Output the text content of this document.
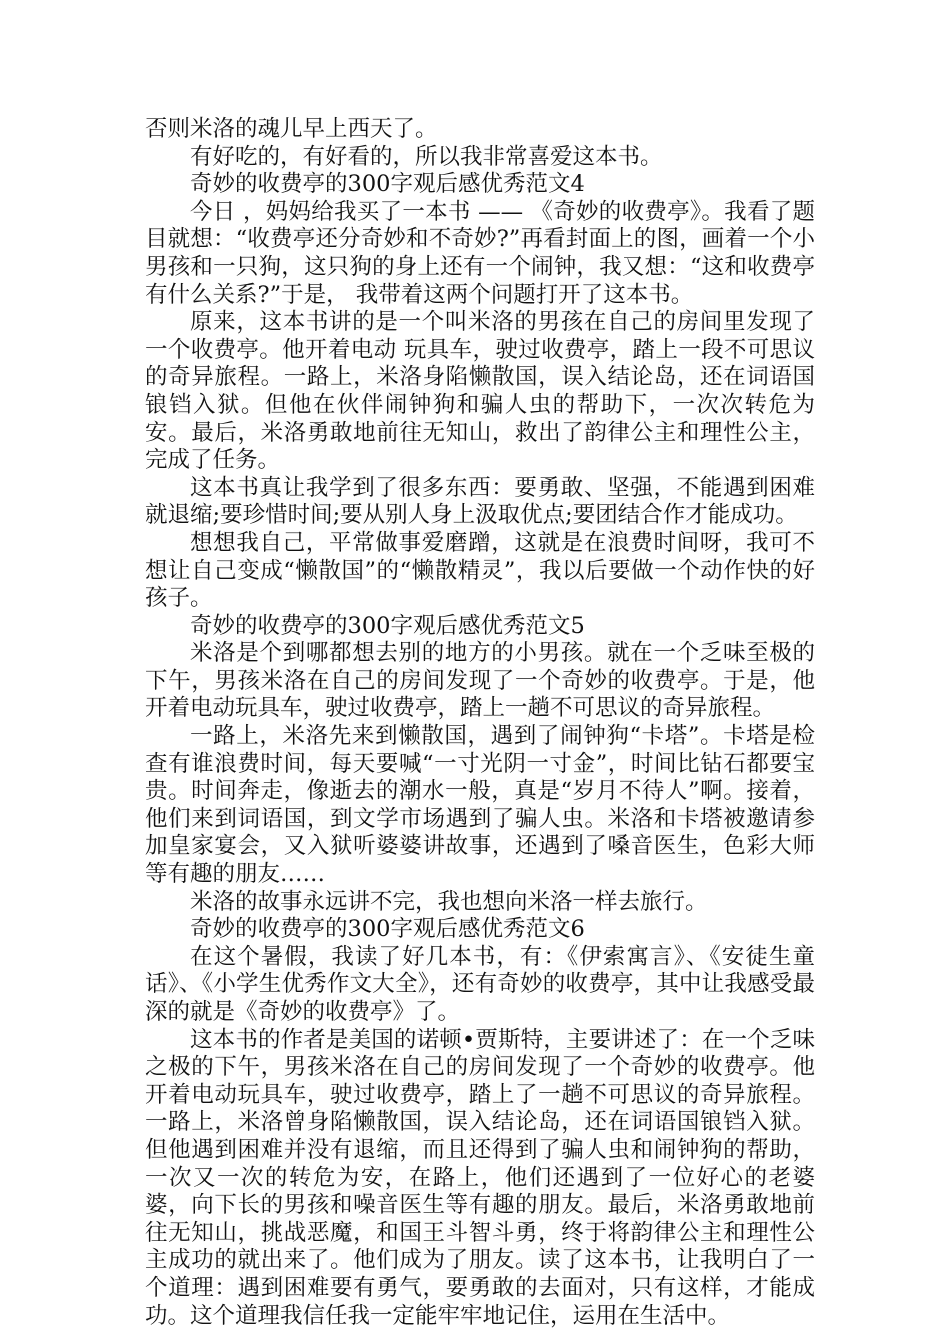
否则米洛的魂儿早上西天了。

有好吃的，有好看的，所以我非常喜爱这本书。

奇妙的收费亭的300字观后感优秀范文4

今日 ，妈妈给我买了一本书 —— 《奇妙的收费亭》。我看了题目就想：“收费亭还分奇妙和不奇妙?”再看封面上的图，画着一个小男孩和一只狗，这只狗的身上还有一个闹钟，我又想：“这和收费亭有什么关系?”于是， 我带着这两个问题打开了这本书。

原来，这本书讲的是一个叫米洛的男孩在自己的房间里发现了一个收费亭。他开着电动 玩具车，驶过收费亭，踏上一段不可思议的奇异旅程。一路上，米洛身陷懒散国，误入结论岛，还在词语国锒铛入狱。但他在伙伴闹钟狗和骗人虫的帮助下，一次次转危为安。最后，米洛勇敢地前往无知山，救出了韵律公主和理性公主，完成了任务。

这本书真让我学到了很多东西：要勇敢、坚强，不能遇到困难就退缩;要珍惜时间;要从别人身上汲取优点;要团结合作才能成功。

想想我自己，平常做事爱磨蹭，这就是在浪费时间呀，我可不想让自己变成“懒散国”的“懒散精灵”，我以后要做一个动作快的好孩子。

奇妙的收费亭的300字观后感优秀范文5

米洛是个到哪都想去别的地方的小男孩。就在一个乏味至极的下午，男孩米洛在自己的房间发现了一个奇妙的收费亭。于是，他开着电动玩具车，驶过收费亭，踏上一趟不可思议的奇异旅程。

一路上，米洛先来到懒散国，遇到了闹钟狗“卡塔”。卡塔是检查有谁浪费时间，每天要喊“一寸光阴一寸金”，时间比钻石都要宝贵。时间奔走，像逝去的潮水一般，真是“岁月不待人”啊。接着，他们来到词语国，到文学市场遇到了骗人虫。米洛和卡塔被邀请参加皇家宴会，又入狱听婆婆讲故事，还遇到了嗓音医生，色彩大师等有趣的朋友……

米洛的故事永远讲不完，我也想向米洛一样去旅行。

奇妙的收费亭的300字观后感优秀范文6

在这个暑假，我读了好几本书，有：《伊索寓言》、《安徒生童话》、《小学生优秀作文大全》，还有奇妙的收费亭，其中让我感受最深的就是《奇妙的收费亭》了。

这本书的作者是美国的诺顿•贾斯特，主要讲述了：在一个乏味之极的下午，男孩米洛在自己的房间发现了一个奇妙的收费亭。他开着电动玩具车，驶过收费亭，踏上了一趟不可思议的奇异旅程。一路上，米洛曾身陷懒散国，误入结论岛，还在词语国锒铛入狱。但他遇到困难并没有退缩，而且还得到了骗人虫和闹钟狗的帮助，一次又一次的转危为安，在路上，他们还遇到了一位好心的老婆婆，向下长的男孩和噪音医生等有趣的朋友。最后，米洛勇敢地前往无知山，挑战恶魔，和国王斗智斗勇，终于将韵律公主和理性公主成功的就出来了。他们成为了朋友。读了这本书，让我明白了一个道理：遇到困难要有勇气，要勇敢的去面对，只有这样，才能成功。这个道理我信任我一定能牢牢地记住，运用在生活中。
